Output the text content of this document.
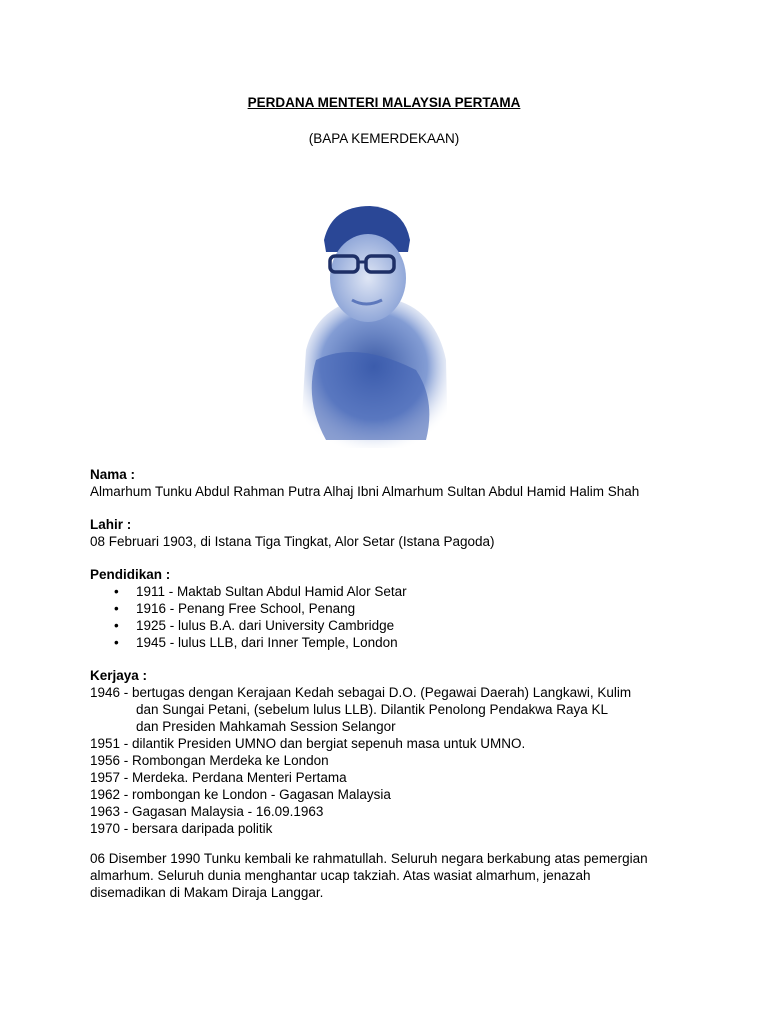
PERDANA MENTERI MALAYSIA PERTAMA
(BAPA KEMERDEKAAN)
Nama :
Almarhum Tunku Abdul Rahman Putra Alhaj Ibni Almarhum Sultan Abdul Hamid Halim Shah
Lahir :
08 Februari 1903, di Istana Tiga Tingkat, Alor Setar (Istana Pagoda)
Pendidikan :
• 1911 - Maktab Sultan Abdul Hamid Alor Setar
• 1916 - Penang Free School, Penang
• 1925 - lulus B.A. dari University Cambridge
• 1945 - lulus LLB, dari Inner Temple, London
Kerjaya :
1946 - bertugas dengan Kerajaan Kedah sebagai D.O. (Pegawai Daerah) Langkawi, Kulim
dan Sungai Petani, (sebelum lulus LLB). Dilantik Penolong Pendakwa Raya KL
dan Presiden Mahkamah Session Selangor
1951 - dilantik Presiden UMNO dan bergiat sepenuh masa untuk UMNO.
1956 - Rombongan Merdeka ke London
1957 - Merdeka. Perdana Menteri Pertama
1962 - rombongan ke London - Gagasan Malaysia
1963 - Gagasan Malaysia - 16.09.1963
1970 - bersara daripada politik
06 Disember 1990 Tunku kembali ke rahmatullah. Seluruh negara berkabung atas pemergian
almarhum. Seluruh dunia menghantar ucap takziah. Atas wasiat almarhum, jenazah
disemadikan di Makam Diraja Langgar.
